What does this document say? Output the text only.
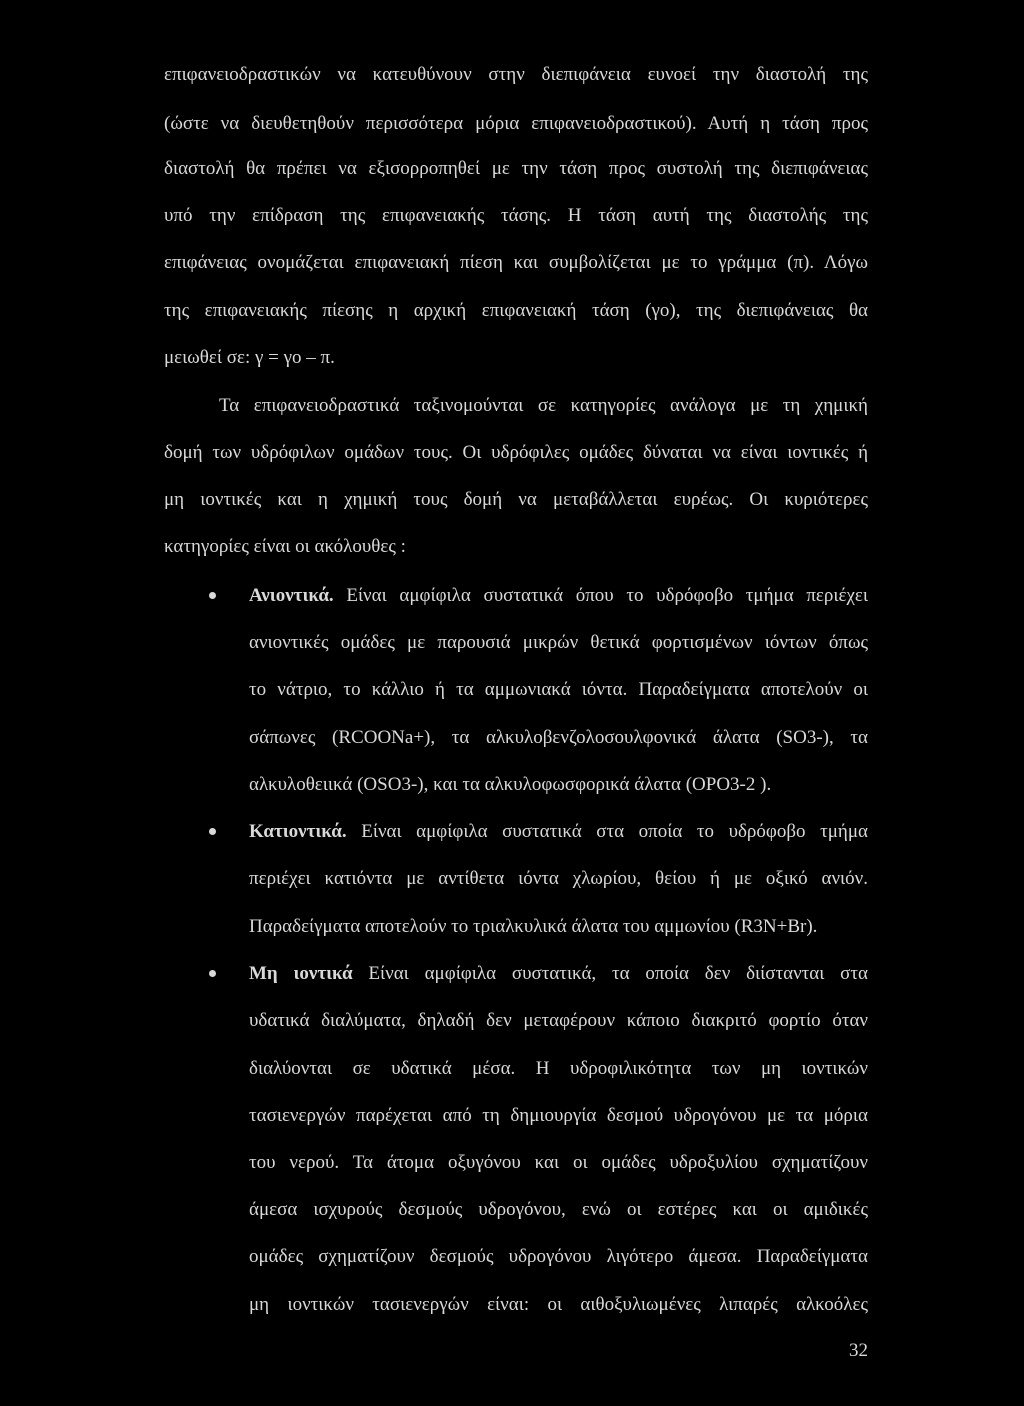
επιφανειοδραστικών να κατευθύνουν στην διεπιφάνεια ευνοεί την διαστολή της
(ώστε να διευθετηθούν περισσότερα μόρια επιφανειοδραστικού). Αυτή η τάση προς
διαστολή θα πρέπει να εξισορροπηθεί με την τάση προς συστολή της διεπιφάνειας
υπό την επίδραση της επιφανειακής τάσης. Η τάση αυτή της διαστολής της
επιφάνειας ονομάζεται επιφανειακή πίεση και συμβολίζεται με το γράμμα (π). Λόγω
της επιφανειακής πίεσης η αρχική επιφανειακή τάση (γο), της διεπιφάνειας θα
μειωθεί σε: γ = γο – π.
Τα επιφανειοδραστικά ταξινομούνται σε κατηγορίες ανάλογα με τη χημική
δομή των υδρόφιλων ομάδων τους. Οι υδρόφιλες ομάδες δύναται να είναι ιοντικές ή
μη ιοντικές και η χημική τους δομή να μεταβάλλεται ευρέως. Οι κυριότερες
κατηγορίες είναι οι ακόλουθες :
Ανιοντικά. Είναι αμφίφιλα συστατικά όπου το υδρόφοβο τμήμα περιέχει
ανιοντικές ομάδες με παρουσιά μικρών θετικά φορτισμένων ιόντων όπως
το νάτριο, το κάλλιο ή τα αμμωνιακά ιόντα. Παραδείγματα αποτελούν οι
σάπωνες (RCOONa+), τα αλκυλοβενζολοσουλφονικά άλατα (SO3-), τα
αλκυλοθειικά (OSO3-), και τα αλκυλοφωσφορικά άλατα (OPO3-2 ).
Κατιοντικά. Είναι αμφίφιλα συστατικά στα οποία το υδρόφοβο τμήμα
περιέχει κατιόντα με αντίθετα ιόντα χλωρίου, θείου ή με οξικό ανιόν.
Παραδείγματα αποτελούν το τριαλκυλικά άλατα του αμμωνίου (R3N+Br).
Μη ιοντικά Είναι αμφίφιλα συστατικά, τα οποία δεν διίστανται στα
υδατικά διαλύματα, δηλαδή δεν μεταφέρουν κάποιο διακριτό φορτίο όταν
διαλύονται σε υδατικά μέσα. Η υδροφιλικότητα των μη ιοντικών
τασιενεργών παρέχεται από τη δημιουργία δεσμού υδρογόνου με τα μόρια
του νερού. Τα άτομα οξυγόνου και οι ομάδες υδροξυλίου σχηματίζουν
άμεσα ισχυρούς δεσμούς υδρογόνου, ενώ οι εστέρες και οι αμιδικές
ομάδες σχηματίζουν δεσμούς υδρογόνου λιγότερο άμεσα. Παραδείγματα
μη ιοντικών τασιενεργών είναι: οι αιθοξυλιωμένες λιπαρές αλκοόλες
32
